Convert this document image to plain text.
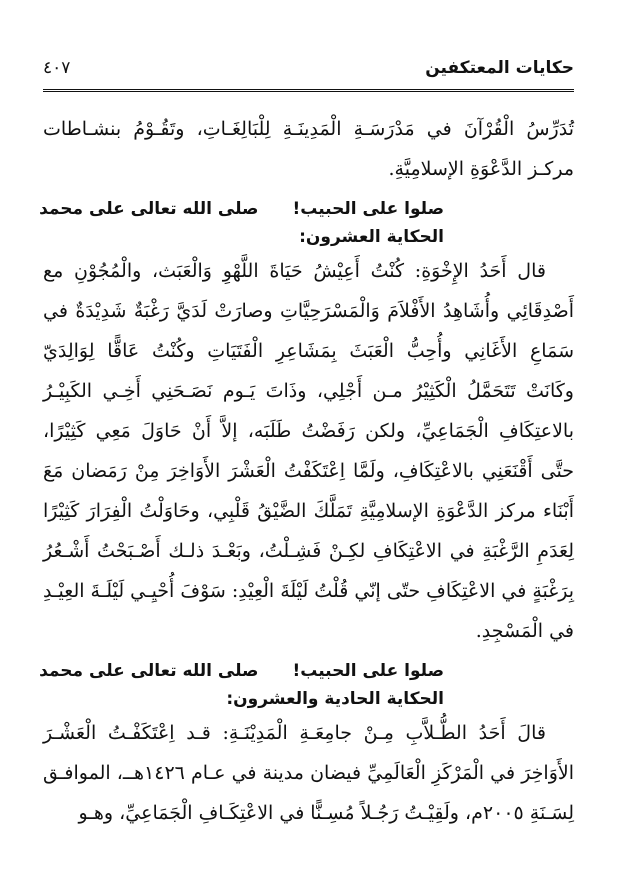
حكايات المعتكفين
٤٠٧

تُدَرِّسُ الْقُرْآنَ في مَدْرَسَـةِ الْمَدِينَـةِ لِلْبَالِغَـاتِ، وتَقُـوْمُ بنشـاطات مركـز الدَّعْوَةِ الإسلامِيَّةِ.

صلوا على الحبيب!صلى الله تعالى على محمد
الحكاية العشرون:

قال أَحَدُ الإِخْوَةِ: كُنْتُ أَعِيْشُ حَيَاةَ اللَّهْوِ وَالْعَبَث، والْمُجُوْنِ مع أَصْدِقَائِي وأُشَاهِدُ الأَفْلاَمَ وَالْمَسْرَحِيَّاتِ وصارَتْ لَدَيَّ رَغْبَةٌ شَدِيْدَةٌ في سَمَاعِ الأَغَانِي وأُحِبُّ الْعَبَثَ بِمَشَاعِرِ الْفَتَيَاتِ وكُنْتُ عَاقًّا لِوَالِدَيّ وكَانَتْ تَتَحَمَّلُ الْكَثِيْرُ مـن أَجْلِي، وذَاتَ يَـوم نَصَـحَنِي أَخِـي الكَبِيْـرُ بالاعتِكَافِ الْجَمَاعِيِّ، ولكن رَفَضْتُ طَلَبَه، إلاَّ أَنْ حَاوَلَ مَعِي كَثِيْرًا، حتَّى أَقْنَعَنِي بالاعْتِكَافِ، ولَمَّا اِعْتَكَفْتُ الْعَشْرَ الأَوَاخِرَ مِنْ رَمَضان مَعَ أَبْنَاء مركز الدَّعْوَةِ الإسلامِيَّةِ تَمَلَّكَ الضَّيْقُ قَلْبِي، وحَاوَلْتُ الْفِرَارَ كَثِيْرًا لِعَدَمِ الرَّغْبَةِ في الاعْتِكَافِ لكِـنْ فَشِـلْتُ، وبَعْـدَ ذلـك أَصْـبَحْتُ أَشْـعُرُ بِرَغْبَةٍ في الاعْتِكَافِ حتّى إنّي قُلْتُ لَيْلَةَ الْعِيْدِ: سَوْفَ أُحْيِـي لَيْلَـةَ العِيْـدِ في الْمَسْجِدِ.

صلوا على الحبيب!صلى الله تعالى على محمد
الحكاية الحادية والعشرون:

قالَ أَحَدُ الطُّـلاَّبِ مِـنْ جامِعَـةِ الْمَدِيْنَـةِ: قـد اِعْتَكَفْـتُ الْعَشْـرَ الأَوَاخِرَ في الْمَرْكَزِ الْعَالَمِيِّ فيضان مدينة في عـام ١٤٢٦هــ، الموافـق لِسَـنَةِ ٢٠٠٥م، ولَقِيْـتُ رَجُـلاً مُسِـنًّا في الاعْتِكَـافِ الْجَمَاعِيِّ، وهـو
